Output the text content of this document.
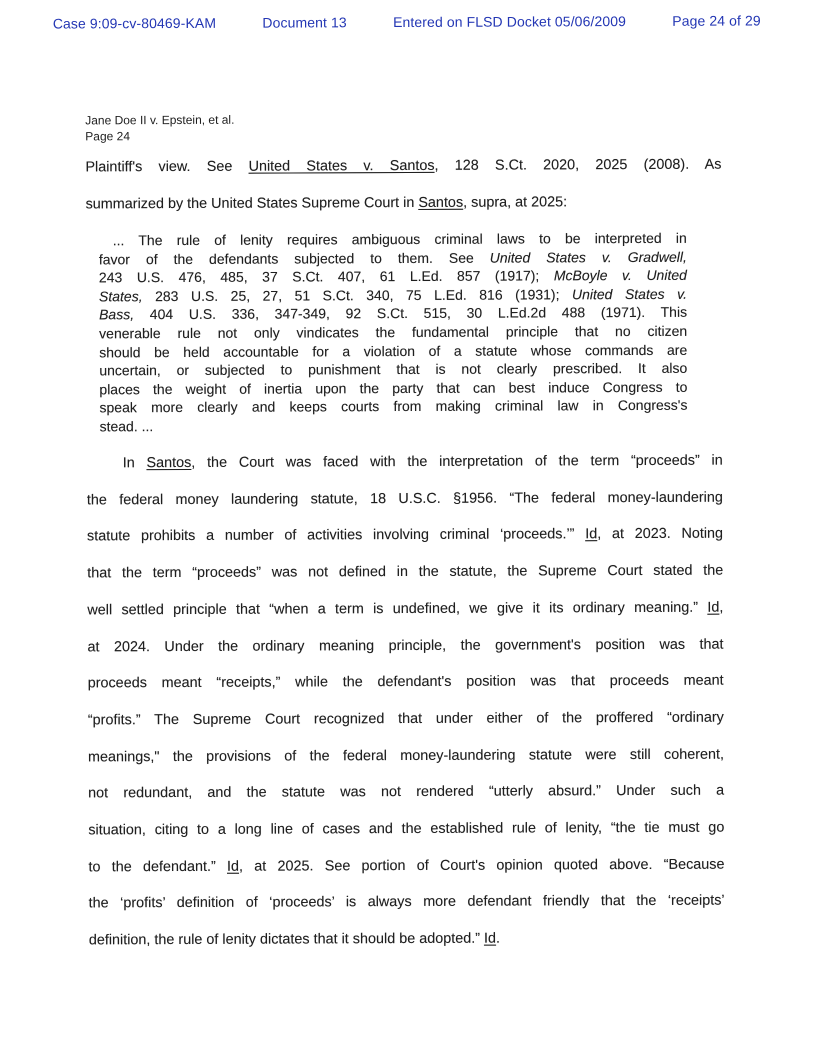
Case 9:09-cv-80469-KAM	Document 13	Entered on FLSD Docket 05/06/2009	Page 24 of 29
Jane Doe II v. Epstein, et al.
Page 24
Plaintiff's view. See United States v. Santos, 128 S.Ct. 2020, 2025 (2008). As
summarized by the United States Supreme Court in Santos, supra, at 2025:
... The rule of lenity requires ambiguous criminal laws to be interpreted in
favor of the defendants subjected to them. See United States v. Gradwell,
243 U.S. 476, 485, 37 S.Ct. 407, 61 L.Ed. 857 (1917); McBoyle v. United
States, 283 U.S. 25, 27, 51 S.Ct. 340, 75 L.Ed. 816 (1931); United States v.
Bass, 404 U.S. 336, 347-349, 92 S.Ct. 515, 30 L.Ed.2d 488 (1971). This
venerable rule not only vindicates the fundamental principle that no citizen
should be held accountable for a violation of a statute whose commands are
uncertain, or subjected to punishment that is not clearly prescribed. It also
places the weight of inertia upon the party that can best induce Congress to
speak more clearly and keeps courts from making criminal law in Congress's
stead. ...
In Santos, the Court was faced with the interpretation of the term “proceeds” in
the federal money laundering statute, 18 U.S.C. §1956. “The federal money-laundering
statute prohibits a number of activities involving criminal ‘proceeds.’” Id, at 2023. Noting
that the term “proceeds” was not defined in the statute, the Supreme Court stated the
well settled principle that “when a term is undefined, we give it its ordinary meaning.” Id,
at 2024. Under the ordinary meaning principle, the government's position was that
proceeds meant “receipts,” while the defendant's position was that proceeds meant
“profits.” The Supreme Court recognized that under either of the proffered “ordinary
meanings," the provisions of the federal money-laundering statute were still coherent,
not redundant, and the statute was not rendered “utterly absurd.” Under such a
situation, citing to a long line of cases and the established rule of lenity, “the tie must go
to the defendant.” Id, at 2025. See portion of Court's opinion quoted above. “Because
the ‘profits’ definition of ‘proceeds’ is always more defendant friendly that the ‘receipts’
definition, the rule of lenity dictates that it should be adopted.” Id.
